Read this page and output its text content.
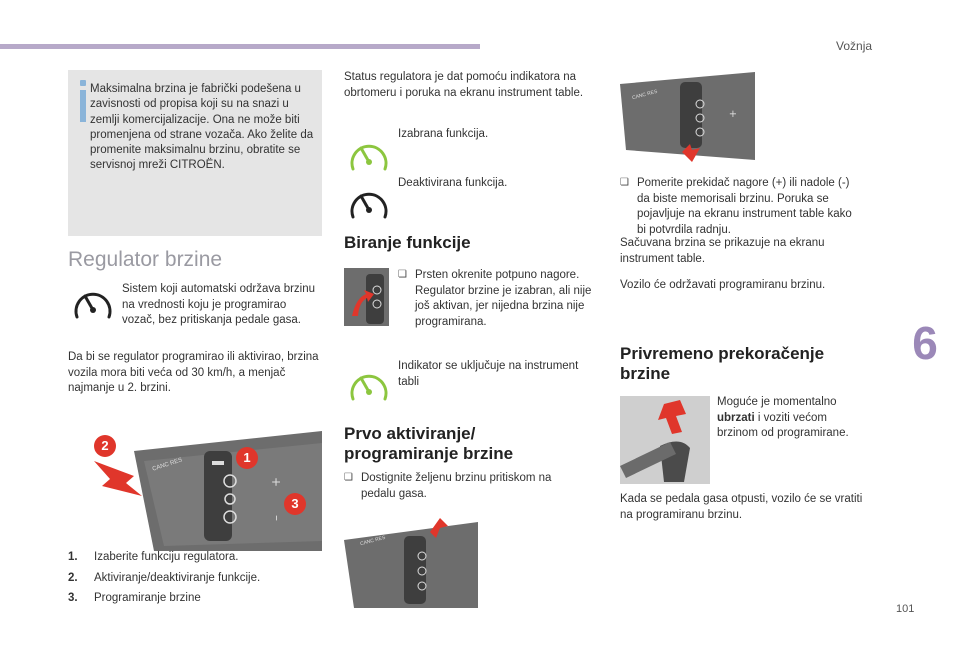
Vožnja
6
101
Maksimalna brzina je fabrički podešena u zavisnosti od propisa koji su na snazi u zemlji komercijalizacije. Ona ne može biti promenjena od strane vozača. Ako želite da promenite maksimalnu brzinu, obratite se servisnoj mreži CITROËN.
Regulator brzine
Sistem koji automatski održava brzinu na vrednosti koju je programirao vozač, bez pritiskanja pedale gasa.
Da bi se regulator programirao ili aktivirao, brzina vozila mora biti veća od 30 km/h, a menjač najmanje u 2. brzini.
+
–
CANC RES
2
1
3
1.	Izaberite funkciju regulatora.
2.	Aktiviranje/deaktiviranje funkcije.
3.	Programiranje brzine
Status regulatora je dat pomoću indikatora na obrtomeru i poruka na ekranu instrument table.
Izabrana funkcija.
Deaktivirana funkcija.
Biranje funkcije
❏ Prsten okrenite potpuno nagore. Regulator brzine je izabran, ali nije još aktivan, jer nijedna brzina nije programirana.
Indikator se uključuje na instrument tabli
Prvo aktiviranje/
programiranje brzine
❏ Dostignite željenu brzinu pritiskom na pedalu gasa.
CANC RES
+
CANC RES
❏ Pomerite prekidač nagore (+) ili nadole (-) da biste memorisali brzinu. Poruka se pojavljuje na ekranu instrument table kako bi potvrdila radnju.
Sačuvana brzina se prikazuje na ekranu instrument table.
Vozilo će održavati programiranu brzinu.
Privremeno prekoračenje
brzine
Moguće je momentalno ubrzati i voziti većom brzinom od programirane.
Kada se pedala gasa otpusti, vozilo će se vratiti na programiranu brzinu.
